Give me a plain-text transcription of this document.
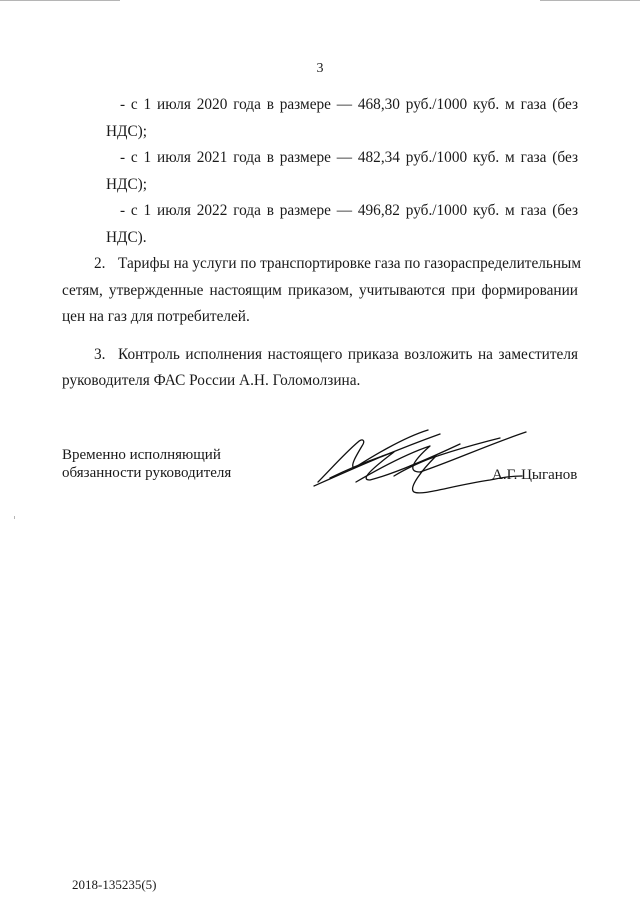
3
- с 1 июля 2020 года в размере — 468,30 руб./1000 куб. м газа (без
НДС);
- с 1 июля 2021 года в размере — 482,34 руб./1000 куб. м газа (без
НДС);
- с 1 июля 2022 года в размере — 496,82 руб./1000 куб. м газа (без
НДС).
2. Тарифы на услуги по транспортировке газа по газораспределительным
сетям, утвержденные настоящим приказом, учитываются при формировании
цен на газ для потребителей.
3. Контроль исполнения настоящего приказа возложить на заместителя
руководителя ФАС России А.Н. Голомолзина.
Временно исполняющий
обязанности руководителя	А.Г. Цыганов
2018-135235(5)
